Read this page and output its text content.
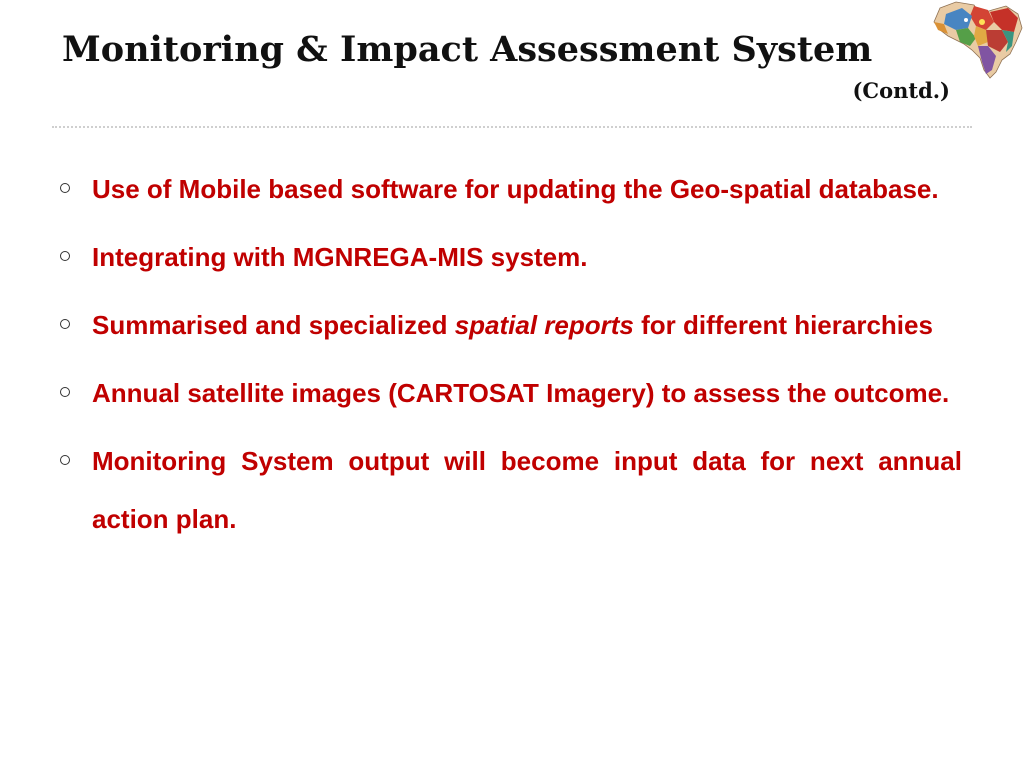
Monitoring & Impact Assessment System
(Contd.)
Use of Mobile based software for updating the Geo-spatial database.
Integrating with MGNREGA-MIS system.
Summarised and specialized spatial reports for different hierarchies
Annual satellite images (CARTOSAT Imagery) to assess the outcome.
Monitoring System output will become input data for next annual action plan.
